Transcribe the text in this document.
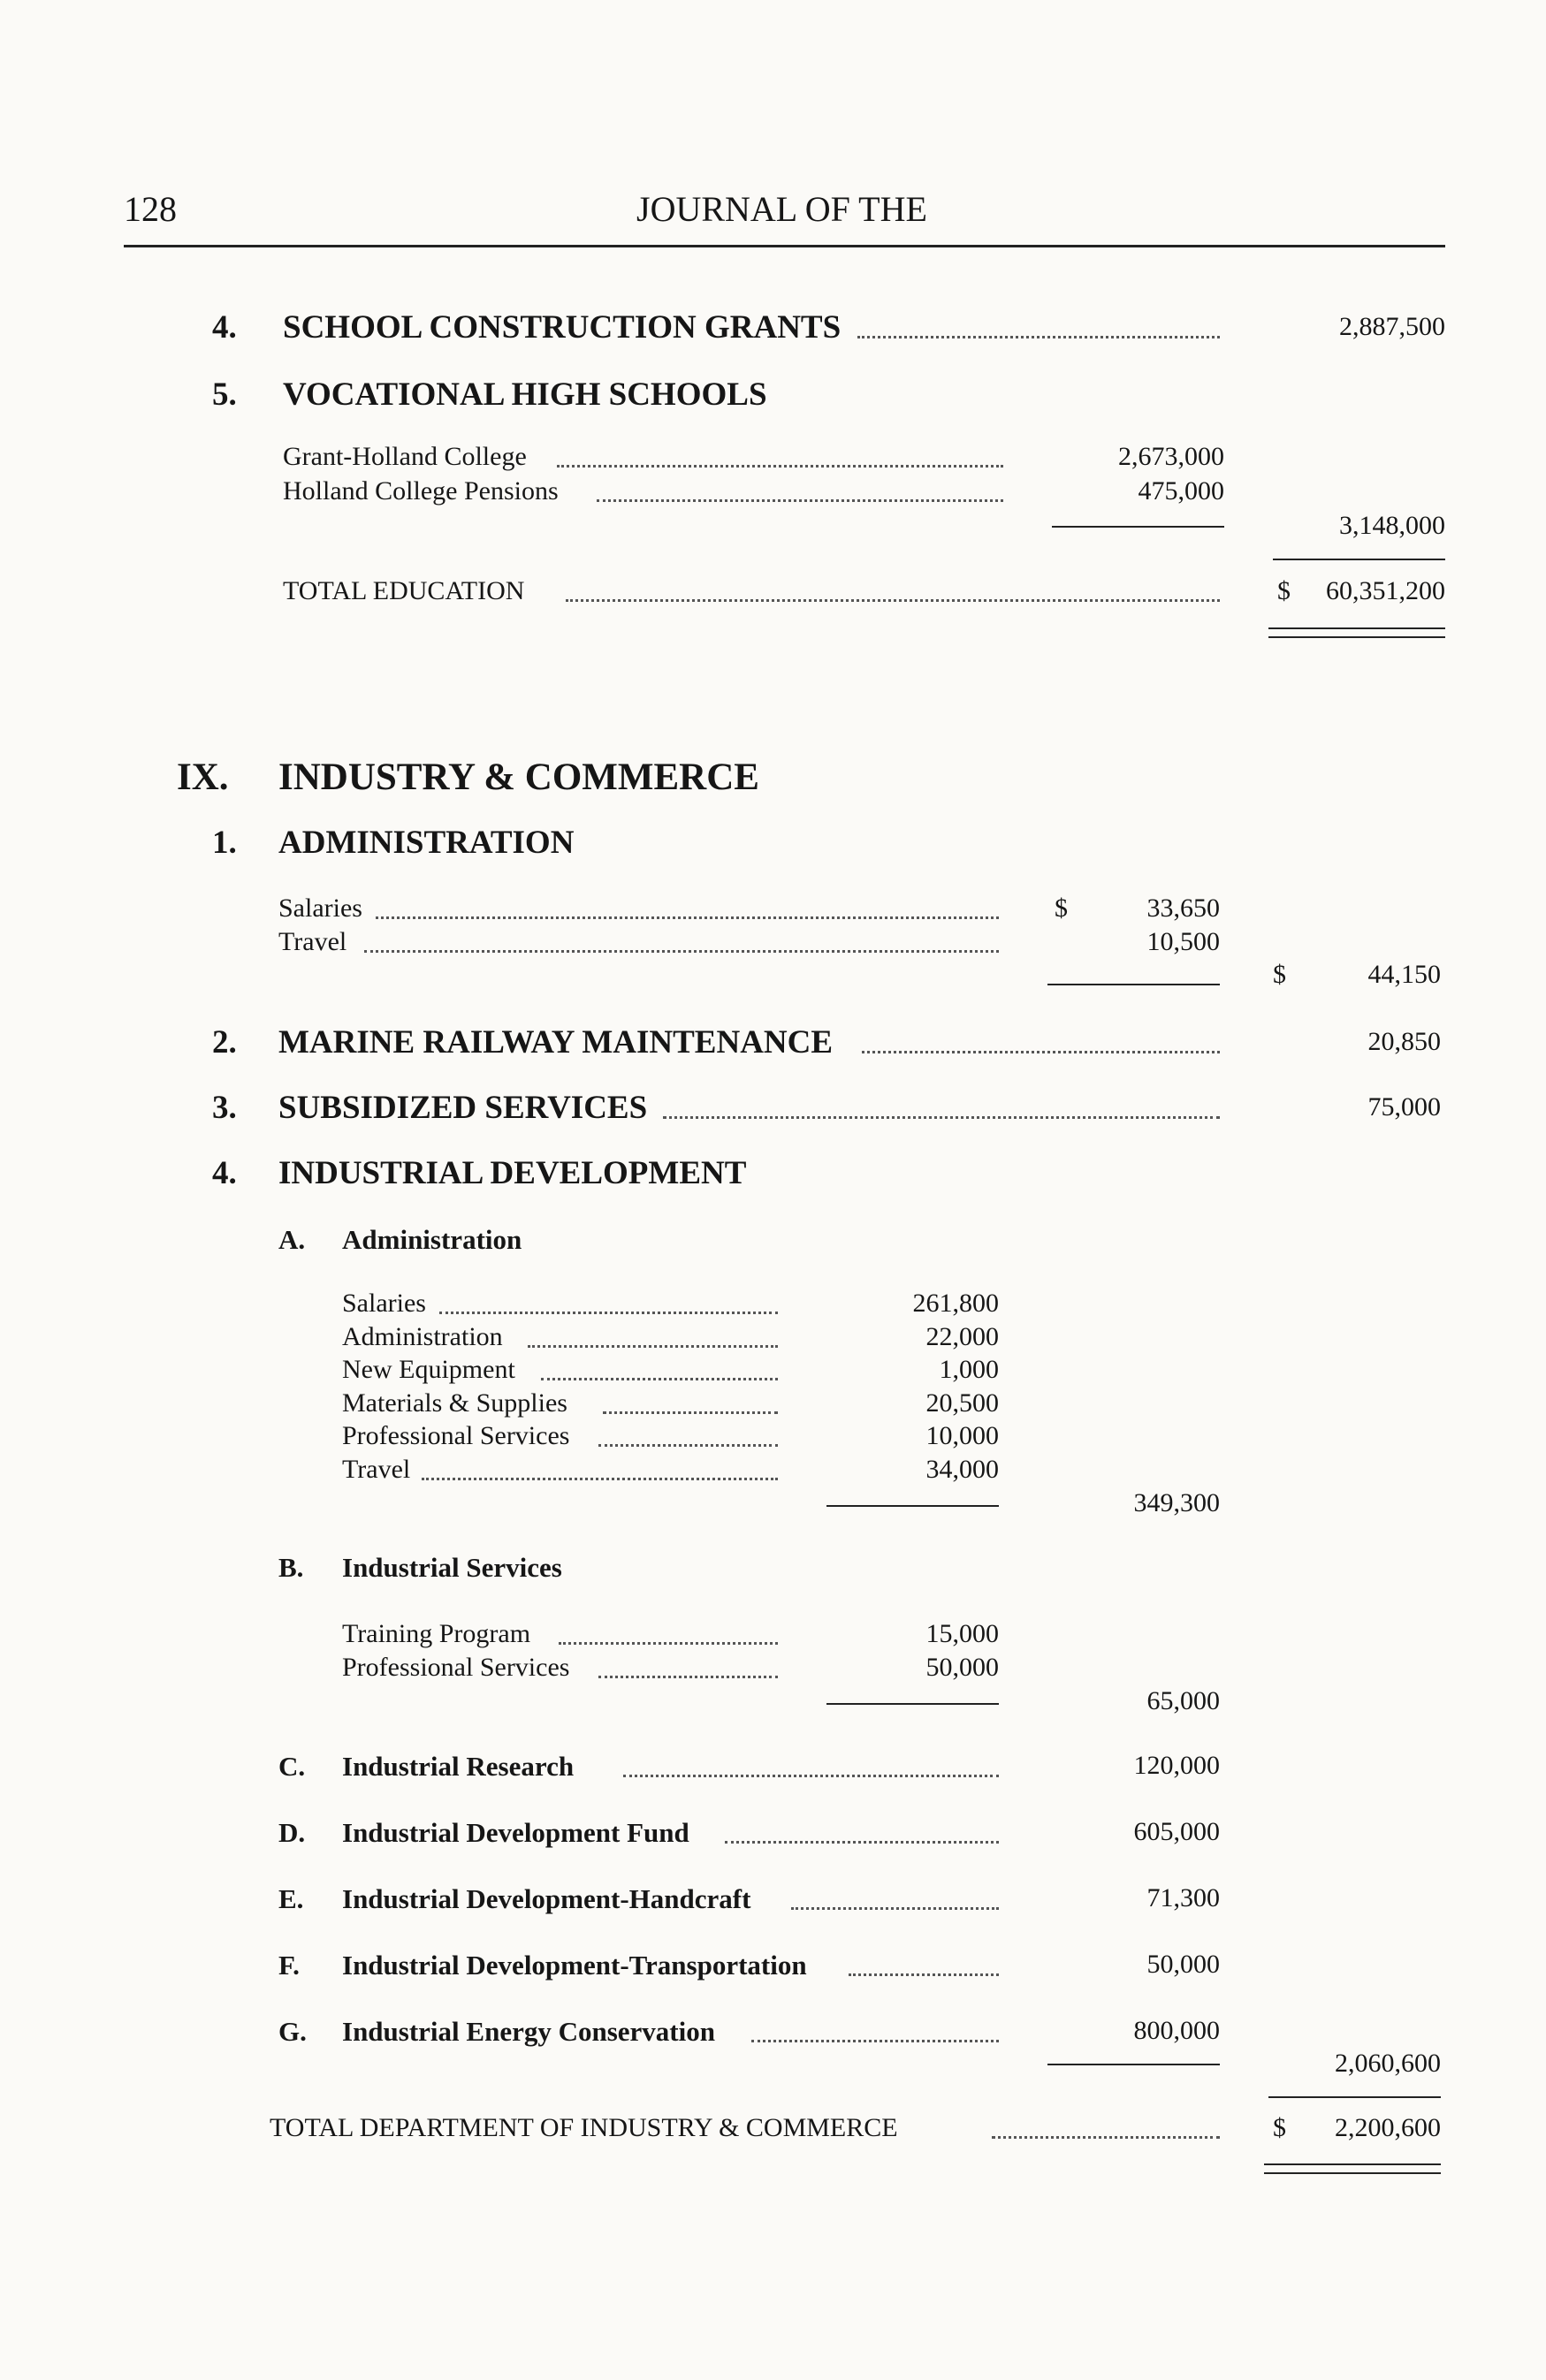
128	JOURNAL OF THE
4. SCHOOL CONSTRUCTION GRANTS	2,887,500
5. VOCATIONAL HIGH SCHOOLS
Grant-Holland College	2,673,000
Holland College Pensions	475,000
3,148,000
TOTAL EDUCATION	$	60,351,200
IX. INDUSTRY & COMMERCE
1. ADMINISTRATION
Salaries	$	33,650
Travel	10,500
$	44,150
2. MARINE RAILWAY MAINTENANCE	20,850
3. SUBSIDIZED SERVICES	75,000
4. INDUSTRIAL DEVELOPMENT
A. Administration
Salaries	261,800
Administration	22,000
New Equipment	1,000
Materials & Supplies	20,500
Professional Services	10,000
Travel	34,000
349,300
B. Industrial Services
Training Program	15,000
Professional Services	50,000
65,000
C. Industrial Research	120,000
D. Industrial Development Fund	605,000
E. Industrial Development-Handcraft	71,300
F. Industrial Development-Transportation	50,000
G. Industrial Energy Conservation	800,000
2,060,600
TOTAL DEPARTMENT OF INDUSTRY & COMMERCE	$	2,200,600
